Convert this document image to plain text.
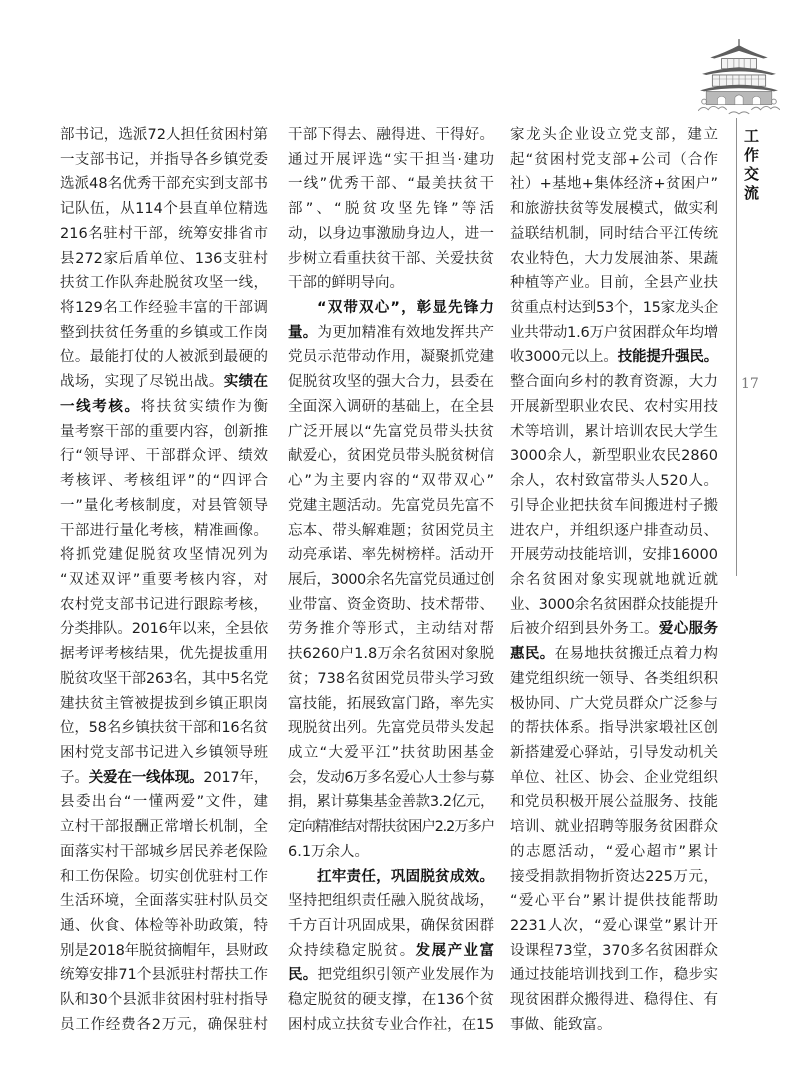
工作交流
17
部书记，选派72人担任贫困村第
一支部书记，并指导各乡镇党委
选派48名优秀干部充实到支部书
记队伍，从114个县直单位精选
216名驻村干部，统筹安排省市
县272家后盾单位、136支驻村
扶贫工作队奔赴脱贫攻坚一线，
将129名工作经验丰富的干部调
整到扶贫任务重的乡镇或工作岗
位。最能打仗的人被派到最硬的
战场，实现了尽锐出战。实绩在
一线考核。将扶贫实绩作为衡
量考察干部的重要内容，创新推
行“领导评、干部群众评、绩效
考核评、考核组评”的“四评合
一”量化考核制度，对县管领导
干部进行量化考核，精准画像。
将抓党建促脱贫攻坚情况列为
“双述双评”重要考核内容，对
农村党支部书记进行跟踪考核，
分类排队。2016年以来，全县依
据考评考核结果，优先提拔重用
脱贫攻坚干部263名，其中5名党
建扶贫主管被提拔到乡镇正职岗
位，58名乡镇扶贫干部和16名贫
困村党支部书记进入乡镇领导班
子。关爱在一线体现。2017年，
县委出台“一懂两爱”文件，建
立村干部报酬正常增长机制，全
面落实村干部城乡居民养老保险
和工伤保险。切实创优驻村工作
生活环境，全面落实驻村队员交
通、伙食、体检等补助政策，特
别是2018年脱贫摘帽年，县财政
统筹安排71个县派驻村帮扶工作
队和30个县派非贫困村驻村指导
员工作经费各2万元，确保驻村
干部下得去、融得进、干得好。
通过开展评选“实干担当·建功
一线”优秀干部、“最美扶贫干
部”、“脱贫攻坚先锋”等活
动，以身边事激励身边人，进一
步树立看重扶贫干部、关爱扶贫
干部的鲜明导向。
“双带双心”，彰显先锋力
量。为更加精准有效地发挥共产
党员示范带动作用，凝聚抓党建
促脱贫攻坚的强大合力，县委在
全面深入调研的基础上，在全县
广泛开展以“先富党员带头扶贫
献爱心，贫困党员带头脱贫树信
心”为主要内容的“双带双心”
党建主题活动。先富党员先富不
忘本、带头解难题；贫困党员主
动亮承诺、率先树榜样。活动开
展后，3000余名先富党员通过创
业带富、资金资助、技术帮带、
劳务推介等形式，主动结对帮
扶6260户1.8万余名贫困对象脱
贫；738名贫困党员带头学习致
富技能，拓展致富门路，率先实
现脱贫出列。先富党员带头发起
成立“大爱平江”扶贫助困基金
会，发动6万多名爱心人士参与募
捐，累计募集基金善款3.2亿元，
定向精准结对帮扶贫困户2.2万多户
6.1万余人。
扛牢责任，巩固脱贫成效。
坚持把组织责任融入脱贫战场，
千方百计巩固成果，确保贫困群
众持续稳定脱贫。发展产业富
民。把党组织引领产业发展作为
稳定脱贫的硬支撑，在136个贫
困村成立扶贫专业合作社，在15
家龙头企业设立党支部，建立
起“贫困村党支部+公司（合作
社）+基地+集体经济+贫困户”
和旅游扶贫等发展模式，做实利
益联结机制，同时结合平江传统
农业特色，大力发展油茶、果蔬
种植等产业。目前，全县产业扶
贫重点村达到53个，15家龙头企
业共带动1.6万户贫困群众年均增
收3000元以上。技能提升强民。
整合面向乡村的教育资源，大力
开展新型职业农民、农村实用技
术等培训，累计培训农民大学生
3000余人，新型职业农民2860
余人，农村致富带头人520人。
引导企业把扶贫车间搬进村子搬
进农户，并组织逐户排查动员、
开展劳动技能培训，安排16000
余名贫困对象实现就地就近就
业、3000余名贫困群众技能提升
后被介绍到县外务工。爱心服务
惠民。在易地扶贫搬迁点着力构
建党组织统一领导、各类组织积
极协同、广大党员群众广泛参与
的帮扶体系。指导洪家塅社区创
新搭建爱心驿站，引导发动机关
单位、社区、协会、企业党组织
和党员积极开展公益服务、技能
培训、就业招聘等服务贫困群众
的志愿活动，“爱心超市”累计
接受捐款捐物折资达225万元，
“爱心平台”累计提供技能帮助
2231人次，“爱心课堂”累计开
设课程73堂，370多名贫困群众
通过技能培训找到工作，稳步实
现贫困群众搬得进、稳得住、有
事做、能致富。
